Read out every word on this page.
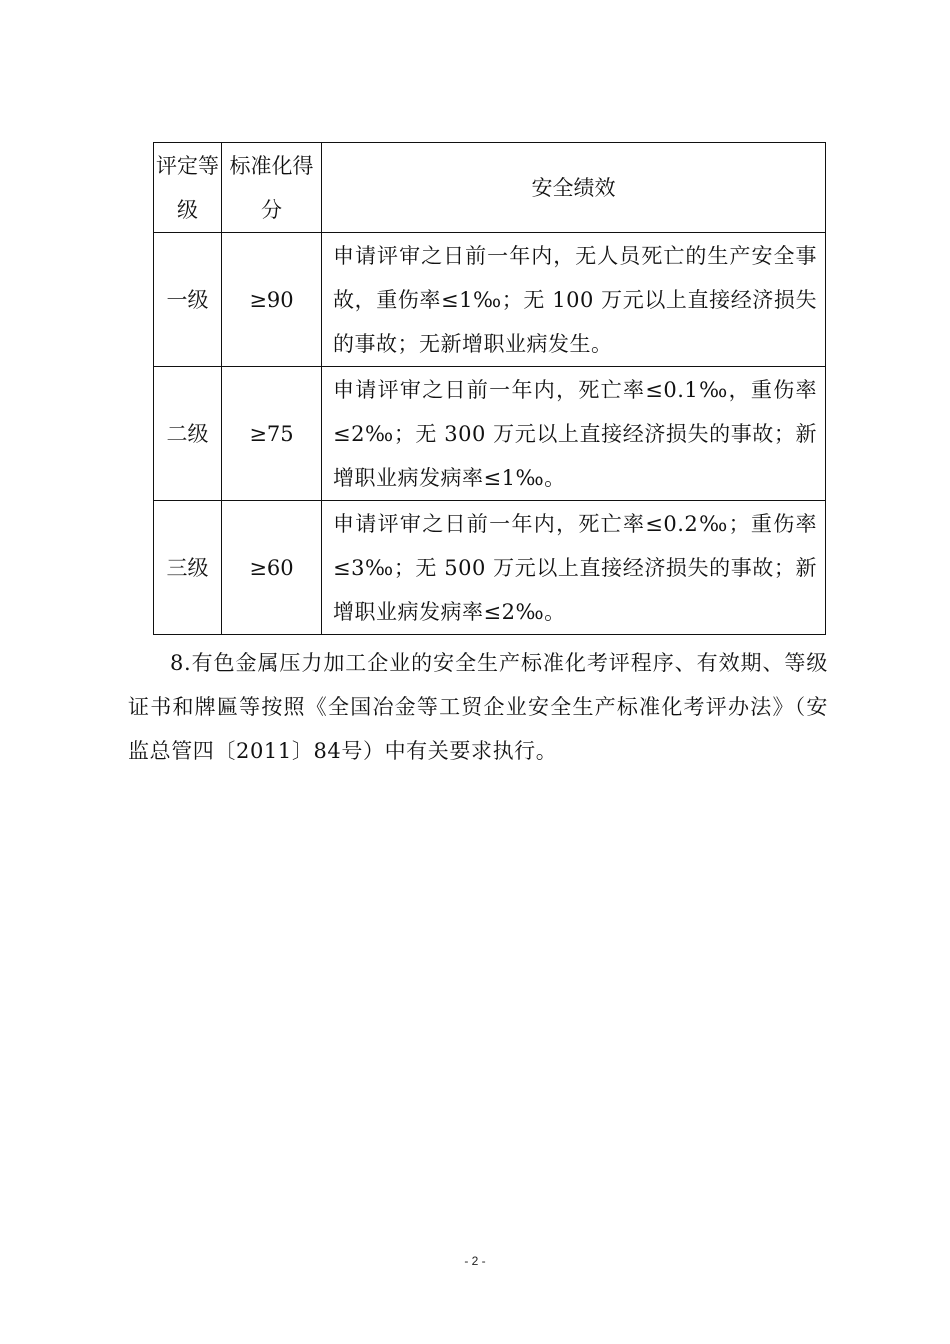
评定等级	标准化得分	安全绩效
一级	≥90	申请评审之日前一年内，无人员死亡的生产安全事故，重伤率≤1‰；无 100 万元以上直接经济损失的事故；无新增职业病发生。
二级	≥75	申请评审之日前一年内，死亡率≤0.1‰，重伤率≤2‰；无 300 万元以上直接经济损失的事故；新增职业病发病率≤1‰。
三级	≥60	申请评审之日前一年内，死亡率≤0.2‰；重伤率≤3‰；无 500 万元以上直接经济损失的事故；新增职业病发病率≤2‰。

8.有色金属压力加工企业的安全生产标准化考评程序、有效期、等级证书和牌匾等按照《全国冶金等工贸企业安全生产标准化考评办法》（安监总管四〔2011〕84号）中有关要求执行。

- 2 -
